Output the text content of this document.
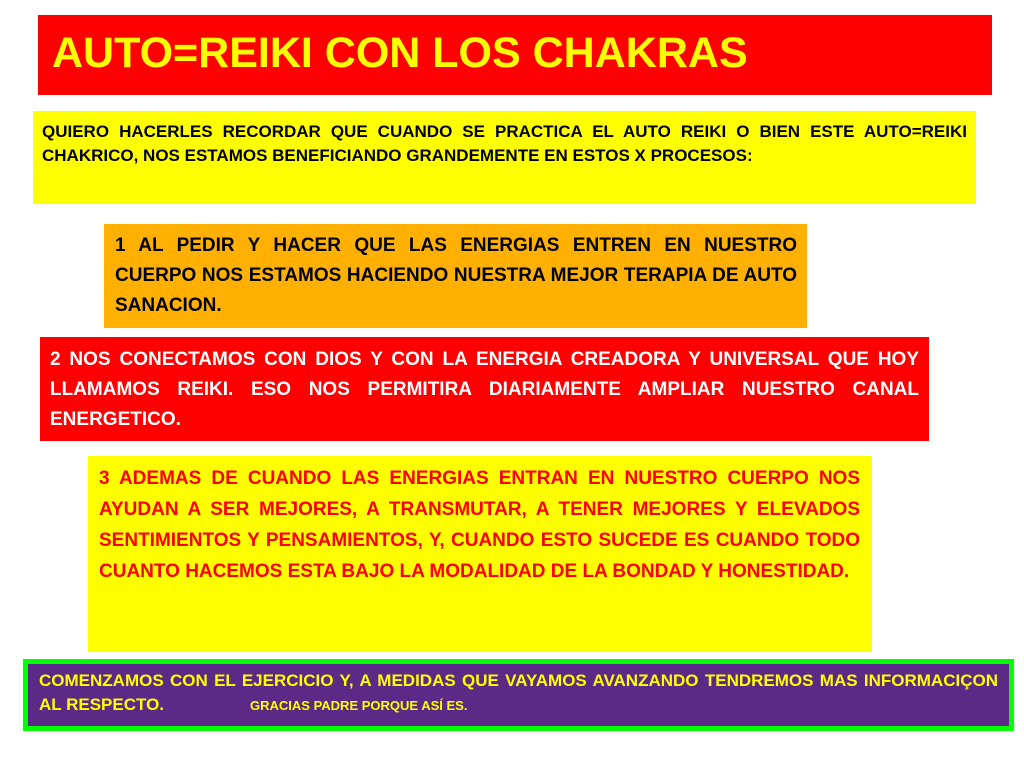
AUTO=REIKI CON LOS CHAKRAS
QUIERO HACERLES RECORDAR QUE CUANDO SE PRACTICA EL AUTO REIKI O BIEN ESTE AUTO=REIKI CHAKRICO, NOS ESTAMOS BENEFICIANDO GRANDEMENTE EN ESTOS X PROCESOS:
1 AL PEDIR Y HACER QUE LAS ENERGIAS ENTREN EN NUESTRO CUERPO NOS ESTAMOS HACIENDO NUESTRA MEJOR TERAPIA DE AUTO SANACION.
2 NOS CONECTAMOS CON DIOS Y CON LA ENERGIA CREADORA Y UNIVERSAL QUE HOY LLAMAMOS REIKI. ESO NOS PERMITIRA DIARIAMENTE AMPLIAR NUESTRO CANAL ENERGETICO.
3 ADEMAS DE CUANDO LAS ENERGIAS ENTRAN EN NUESTRO CUERPO NOS AYUDAN A SER MEJORES, A TRANSMUTAR, A TENER MEJORES Y ELEVADOS SENTIMIENTOS Y PENSAMIENTOS, Y, CUANDO ESTO SUCEDE ES CUANDO TODO CUANTO HACEMOS ESTA BAJO LA MODALIDAD DE LA BONDAD Y HONESTIDAD.
COMENZAMOS CON EL EJERCICIO Y, A MEDIDAS QUE VAYAMOS AVANZANDO TENDREMOS MAS INFORMACIÇON AL RESPECTO.	GRACIAS PADRE PORQUE ASÍ ES.
